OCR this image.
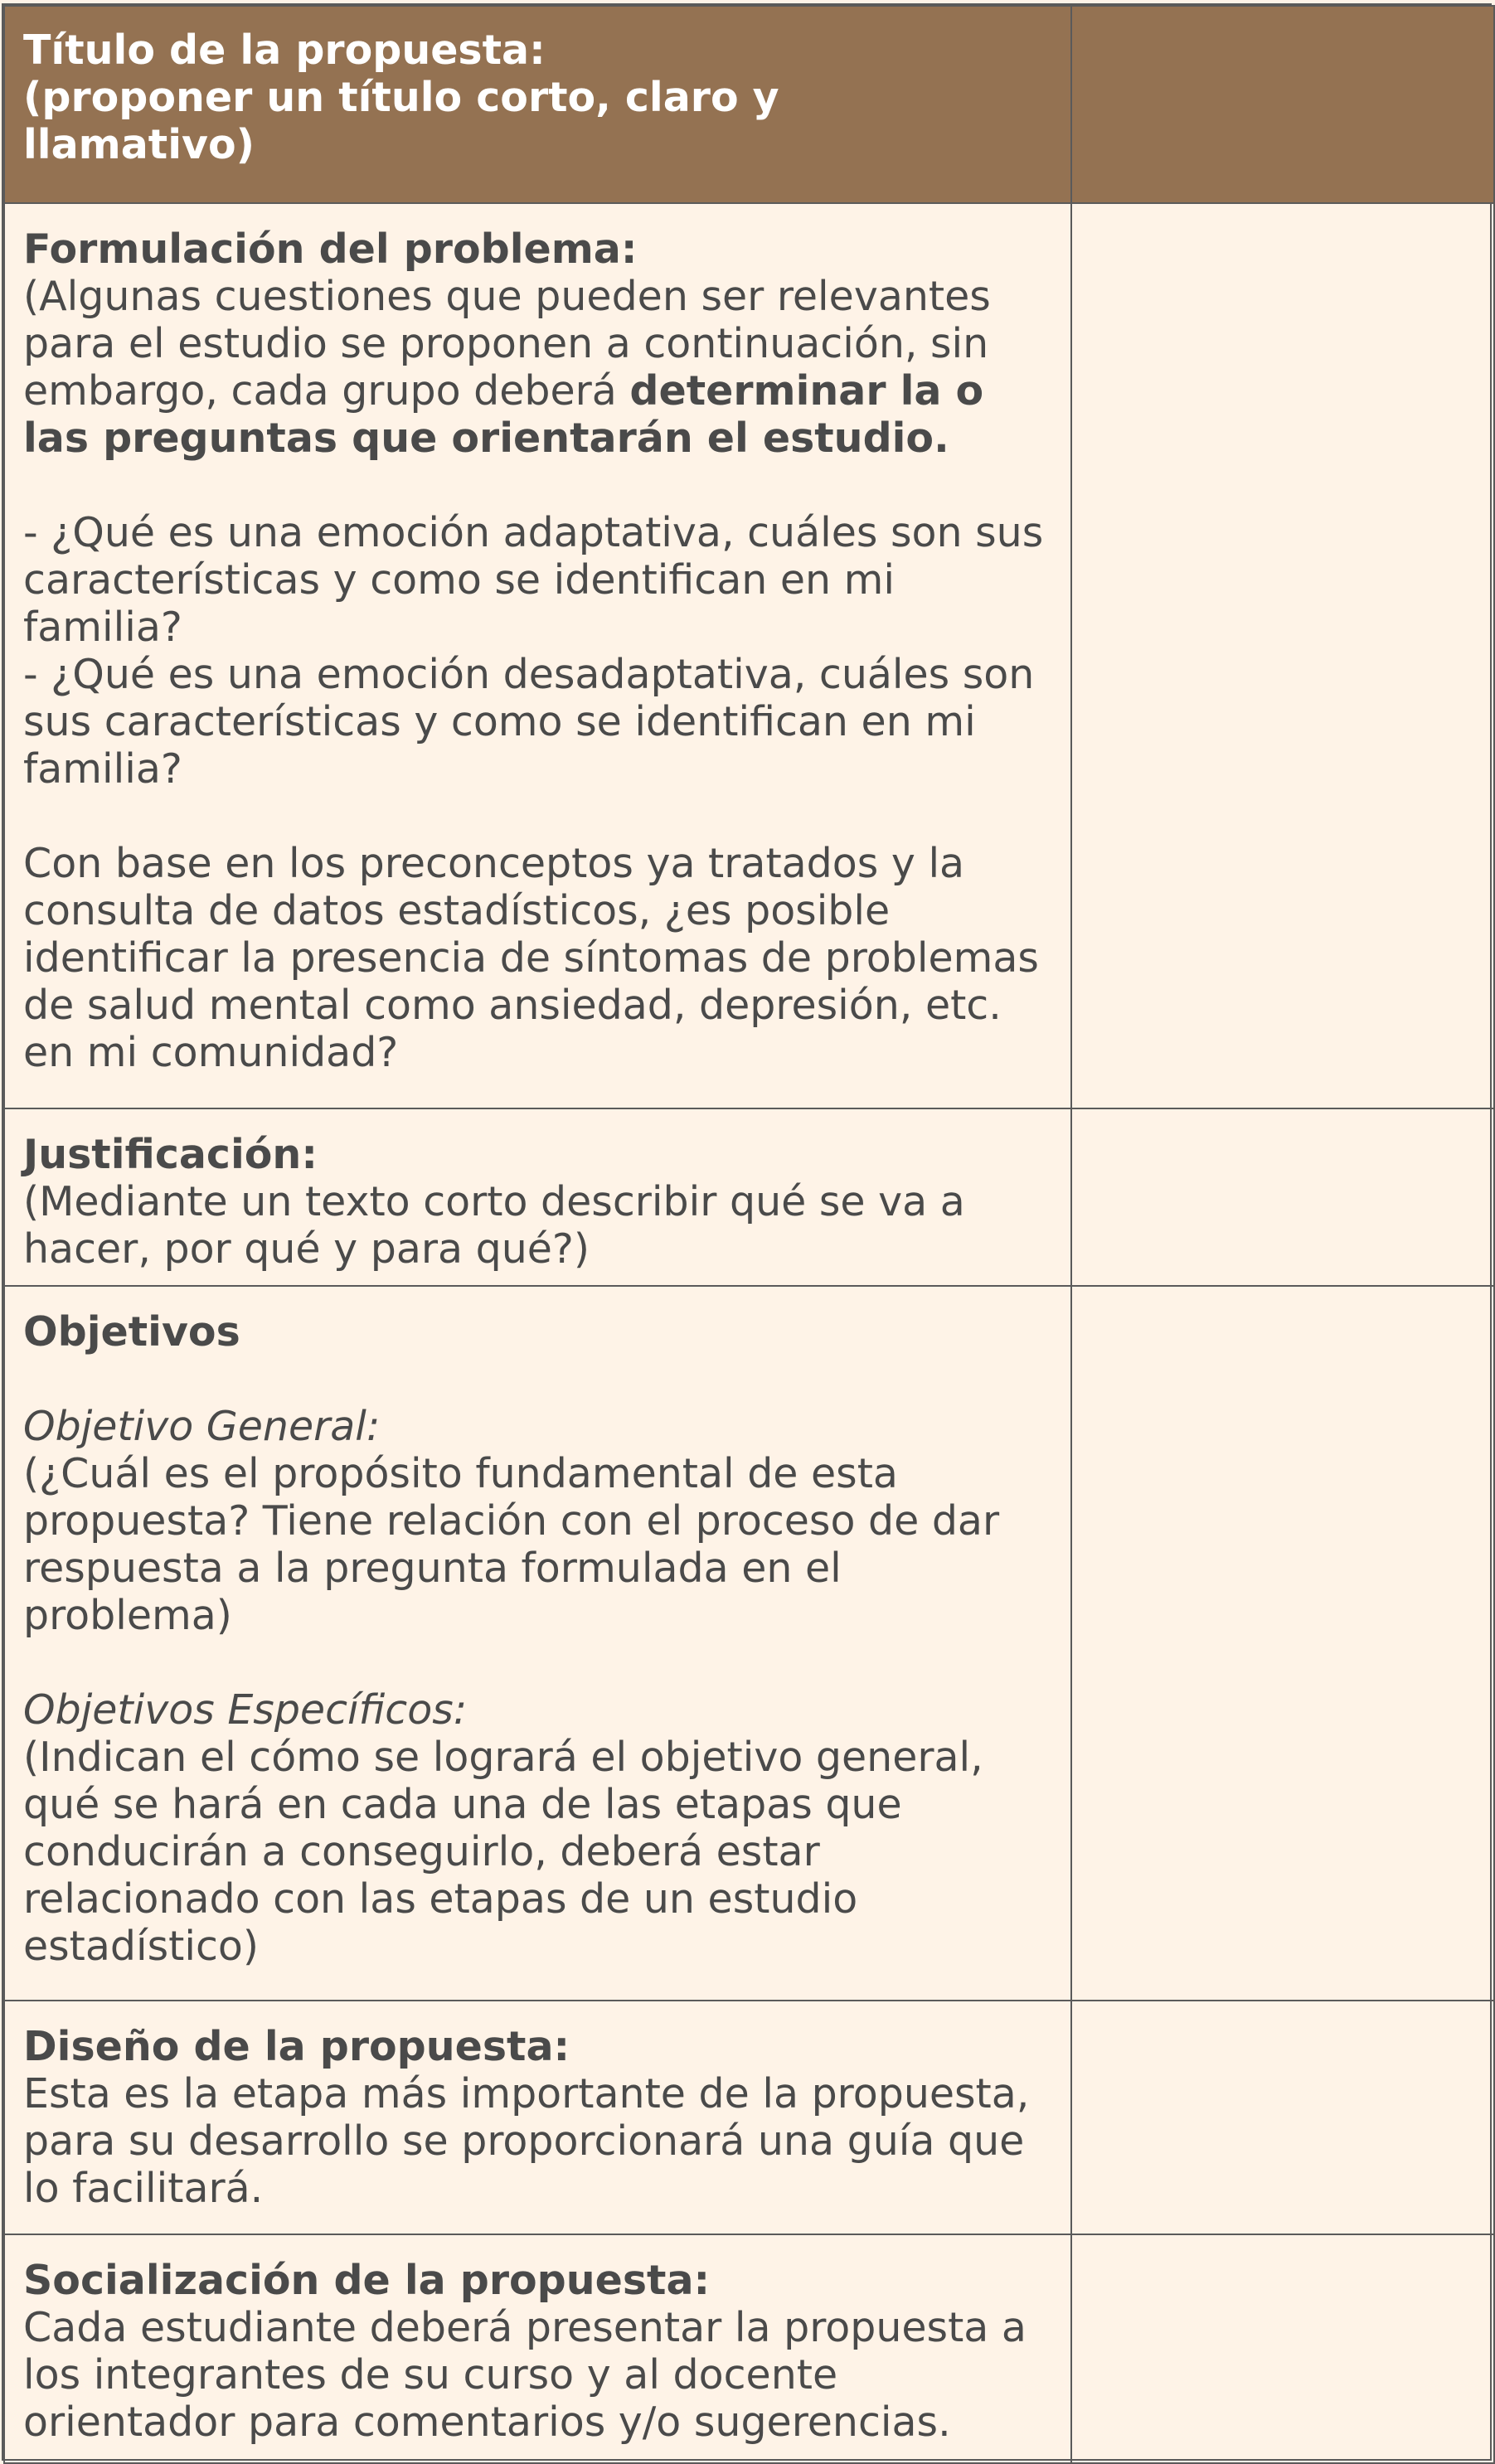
Título de la propuesta:

(proponer un título corto, claro y llamativo)	

Formulación del problema:

(Algunas cuestiones que pueden ser relevantes para el estudio se proponen a continuación, sin embargo, cada grupo deberá determinar la o las preguntas que orientarán el estudio.

- ¿Qué es una emoción adaptativa, cuáles son sus características y como se identifican en mi familia?

- ¿Qué es una emoción desadaptativa, cuáles son sus características y como se identifican en mi familia?

Con base en los preconceptos ya tratados y la consulta de datos estadísticos, ¿es posible identificar la presencia de síntomas de problemas de salud mental como ansiedad, depresión, etc. en mi comunidad?	

Justificación:

(Mediante un texto corto describir qué se va a hacer, por qué y para qué?)	

Objetivos

Objetivo General:

(¿Cuál es el propósito fundamental de esta propuesta? Tiene relación con el proceso de dar respuesta a la pregunta formulada en el problema)

Objetivos Específicos:

(Indican el cómo se logrará el objetivo general, qué se hará en cada una de las etapas que conducirán a conseguirlo, deberá estar relacionado con las etapas de un estudio estadístico)	

Diseño de la propuesta:

Esta es la etapa más importante de la propuesta, para su desarrollo se proporcionará una guía que lo facilitará.	

Socialización de la propuesta:

Cada estudiante deberá presentar la propuesta a los integrantes de su curso y al docente orientador para comentarios y/o sugerencias.	
